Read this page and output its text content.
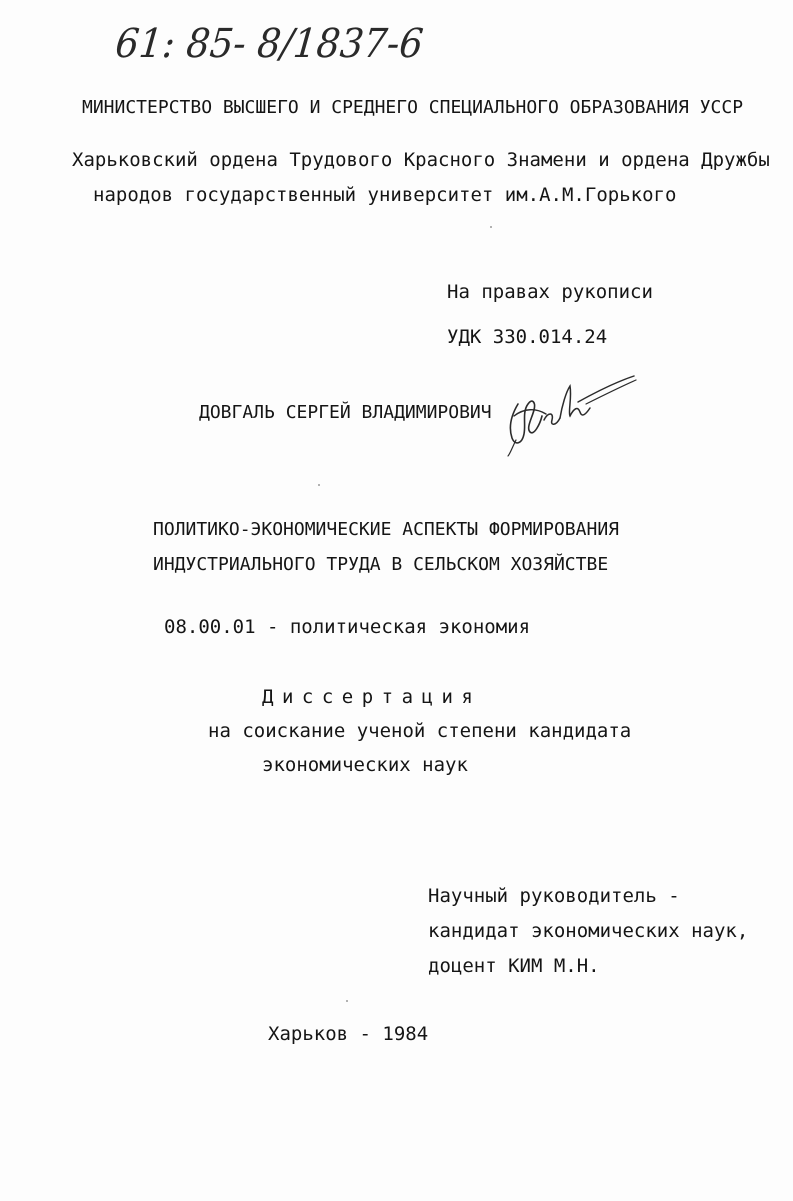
61: 85- 8/1837-6
МИНИСТЕРСТВО ВЫСШЕГО И СРЕДНЕГО СПЕЦИАЛЬНОГО ОБРАЗОВАНИЯ УССР
Харьковский ордена Трудового Красного Знамени и ордена Дружбы
народов государственный университет им.А.М.Горького
На правах рукописи
УДК 330.014.24
ДОВГАЛЬ СЕРГЕЙ ВЛАДИМИРОВИЧ
ПОЛИТИКО-ЭКОНОМИЧЕСКИЕ АСПЕКТЫ ФОРМИРОВАНИЯ
ИНДУСТРИАЛЬНОГО ТРУДА В СЕЛЬСКОМ ХОЗЯЙСТВЕ
08.00.01 - политическая экономия
Диссертация
на соискание ученой степени кандидата
экономических наук
Научный руководитель -
кандидат экономических наук,
доцент КИМ М.Н.
Харьков - 1984
